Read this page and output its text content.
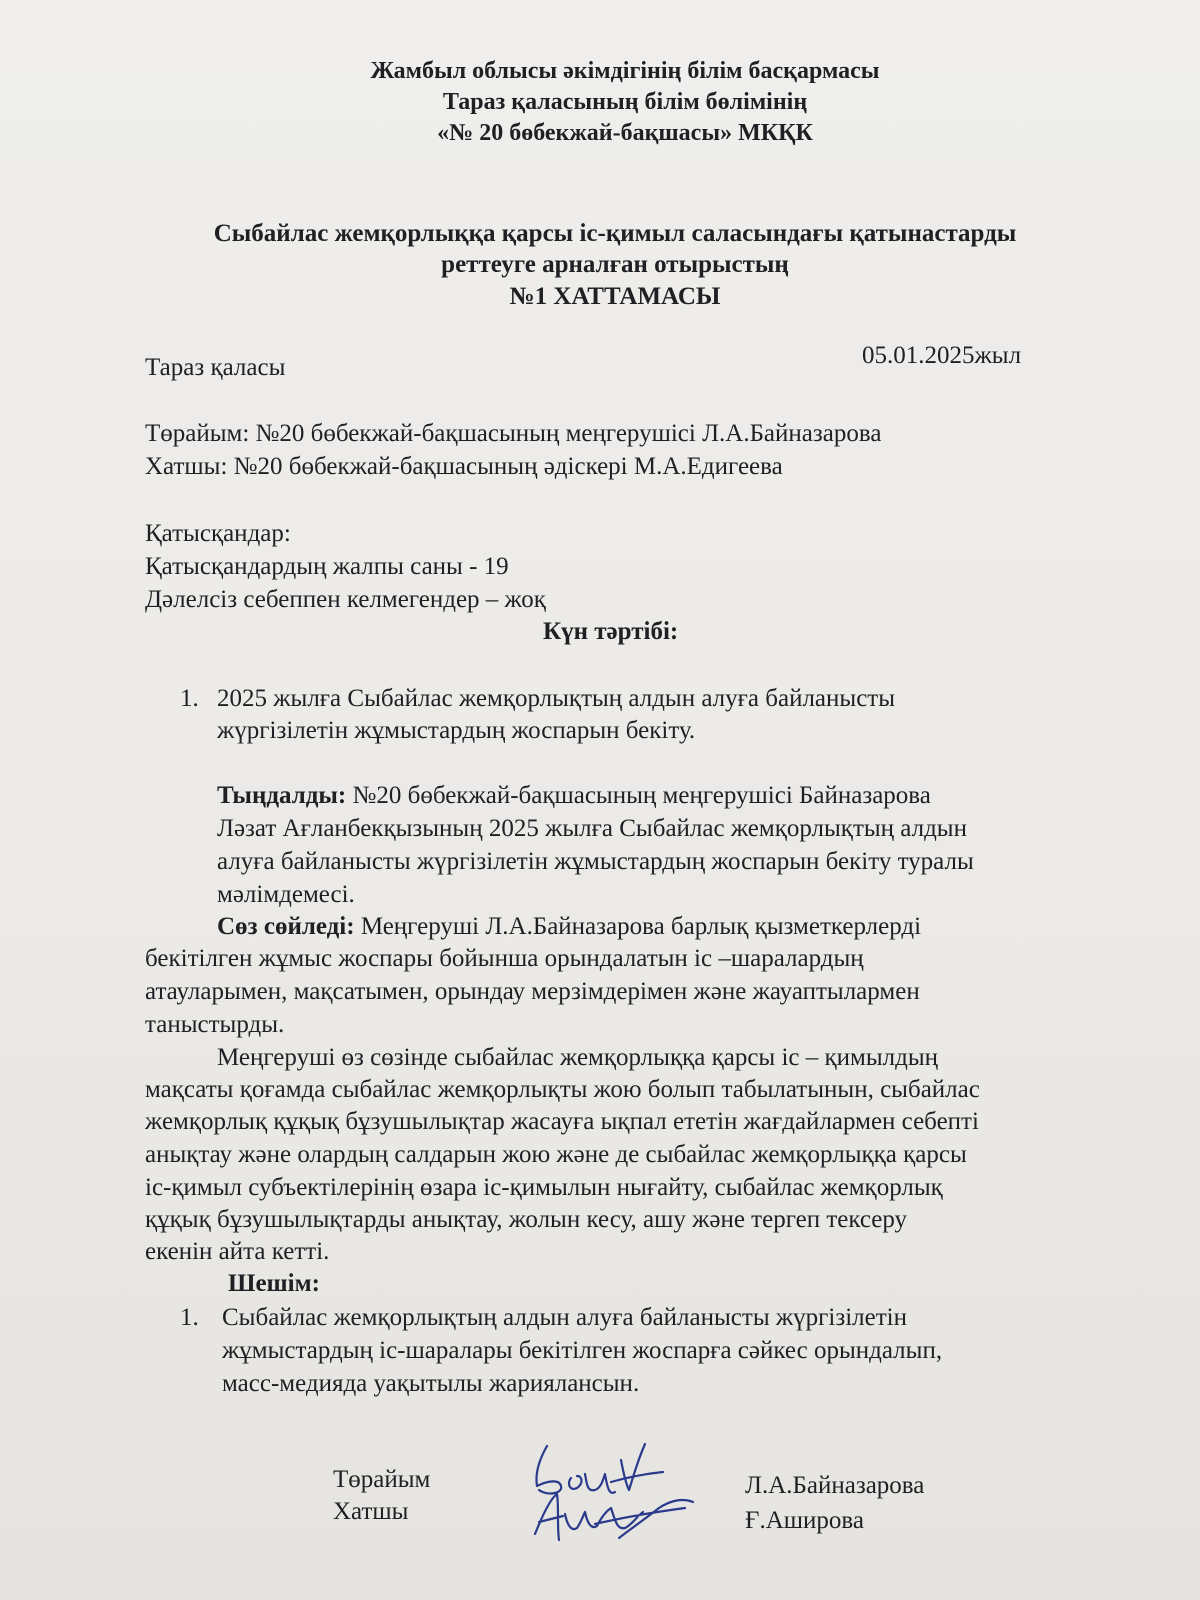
Жамбыл облысы әкімдігінің білім басқармасы
Тараз қаласының білім бөлімінің
«№ 20 бөбекжай-бақшасы» МКҚК
Сыбайлас жемқорлыққа қарсы іс-қимыл саласындағы қатынастарды
реттеуге арналған отырыстың
№1 ХАТТАМАСЫ
Тараз қаласы	05.01.2025жыл
Төрайым: №20 бөбекжай-бақшасының меңгерушісі Л.А.Байназарова
Хатшы: №20 бөбекжай-бақшасының әдіскері М.А.Едигеева
Қатысқандар:
Қатысқандардың жалпы саны - 19
Дәлелсіз себеппен келмегендер – жоқ
Күн тәртібі:
1. 2025 жылға Сыбайлас жемқорлықтың алдын алуға байланысты
жүргізілетін жұмыстардың жоспарын бекіту.
Тыңдалды: №20 бөбекжай-бақшасының меңгерушісі Байназарова
Ләзат Ағланбекқызының 2025 жылға Сыбайлас жемқорлықтың алдын
алуға байланысты жүргізілетін жұмыстардың жоспарын бекіту туралы
мәлімдемесі.
Сөз сөйледі: Меңгеруші Л.А.Байназарова барлық қызметкерлерді
бекітілген жұмыс жоспары бойынша орындалатын іс –шаралардың
атауларымен, мақсатымен, орындау мерзімдерімен және жауаптылармен
таныстырды.
Меңгеруші өз сөзінде сыбайлас жемқорлыққа қарсы іс – қимылдың
мақсаты қоғамда сыбайлас жемқорлықты жою болып табылатынын, сыбайлас
жемқорлық құқық бұзушылықтар жасауға ықпал ететін жағдайлармен себепті
анықтау және олардың салдарын жою және де сыбайлас жемқорлыққа қарсы
іс-қимыл субъектілерінің өзара іс-қимылын нығайту, сыбайлас жемқорлық
құқық бұзушылықтарды анықтау, жолын кесу, ашу және тергеп тексеру
екенін айта кетті.
Шешім:
1. Сыбайлас жемқорлықтың алдын алуға байланысты жүргізілетін
жұмыстардың іс-шаралары бекітілген жоспарға сәйкес орындалып,
масс-медияда уақытылы жариялансын.
Төрайым
Хатшы
Л.А.Байназарова
Ғ.Аширова
